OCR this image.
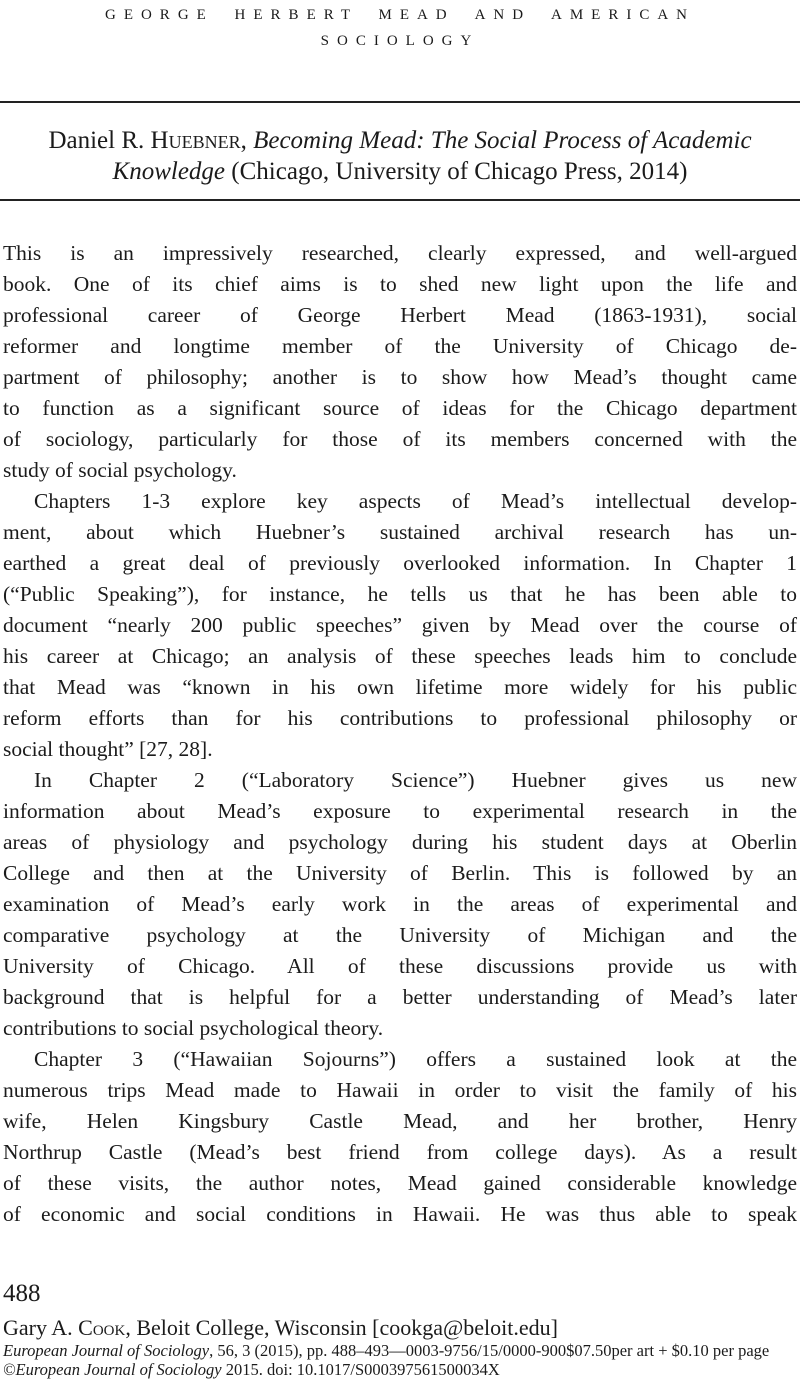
GEORGE HERBERT MEAD AND AMERICAN
SOCIOLOGY
Daniel R. Huebner, Becoming Mead: The Social Process of Academic Knowledge (Chicago, University of Chicago Press, 2014)
This is an impressively researched, clearly expressed, and well-argued
book. One of its chief aims is to shed new light upon the life and
professional career of George Herbert Mead (1863-1931), social
reformer and longtime member of the University of Chicago de-
partment of philosophy; another is to show how Mead’s thought came
to function as a significant source of ideas for the Chicago department
of sociology, particularly for those of its members concerned with the
study of social psychology.
Chapters 1-3 explore key aspects of Mead’s intellectual develop-
ment, about which Huebner’s sustained archival research has un-
earthed a great deal of previously overlooked information. In Chapter 1
(“Public Speaking”), for instance, he tells us that he has been able to
document “nearly 200 public speeches” given by Mead over the course of
his career at Chicago; an analysis of these speeches leads him to conclude
that Mead was “known in his own lifetime more widely for his public
reform efforts than for his contributions to professional philosophy or
social thought” [27, 28].
In Chapter 2 (“Laboratory Science”) Huebner gives us new
information about Mead’s exposure to experimental research in the
areas of physiology and psychology during his student days at Oberlin
College and then at the University of Berlin. This is followed by an
examination of Mead’s early work in the areas of experimental and
comparative psychology at the University of Michigan and the
University of Chicago. All of these discussions provide us with
background that is helpful for a better understanding of Mead’s later
contributions to social psychological theory.
Chapter 3 (“Hawaiian Sojourns”) offers a sustained look at the
numerous trips Mead made to Hawaii in order to visit the family of his
wife, Helen Kingsbury Castle Mead, and her brother, Henry
Northrup Castle (Mead’s best friend from college days). As a result
of these visits, the author notes, Mead gained considerable knowledge
of economic and social conditions in Hawaii. He was thus able to speak
488
Gary A. Cook, Beloit College, Wisconsin [cookga@beloit.edu]
European Journal of Sociology, 56, 3 (2015), pp. 488–493—0003-9756/15/0000-900$07.50per art + $0.10 per page
©European Journal of Sociology 2015. doi: 10.1017/S000397561500034X
